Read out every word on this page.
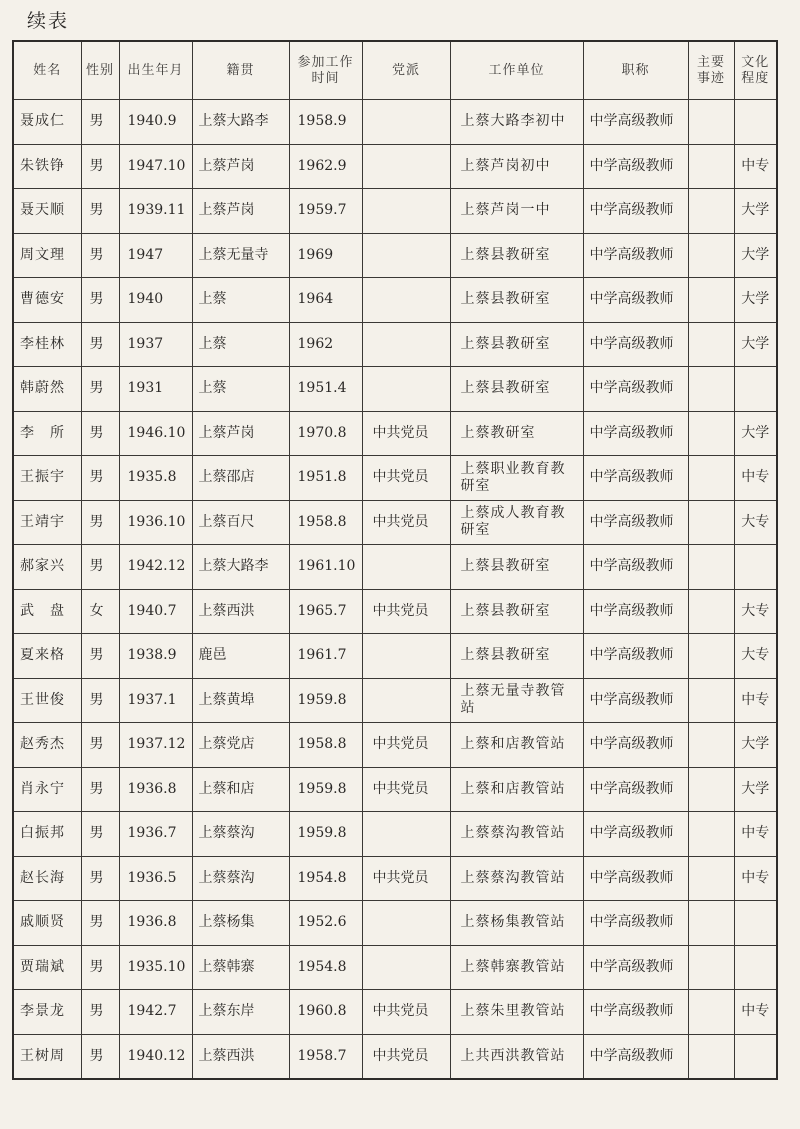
续表
姓名	性别	出生年月	籍贯	参加工作时间	党派	工作单位	职称	主要事迹	文化程度
聂成仁	男	1940.9	上蔡大路李	1958.9		上蔡大路李初中	中学高级教师		
朱铁铮	男	1947.10	上蔡芦岗	1962.9		上蔡芦岗初中	中学高级教师		中专
聂天顺	男	1939.11	上蔡芦岗	1959.7		上蔡芦岗一中	中学高级教师		大学
周文理	男	1947	上蔡无量寺	1969		上蔡县教研室	中学高级教师		大学
曹德安	男	1940	上蔡	1964		上蔡县教研室	中学高级教师		大学
李桂林	男	1937	上蔡	1962		上蔡县教研室	中学高级教师		大学
韩蔚然	男	1931	上蔡	1951.4		上蔡县教研室	中学高级教师		
李　所	男	1946.10	上蔡芦岗	1970.8	中共党员	上蔡教研室	中学高级教师		大学
王振宇	男	1935.8	上蔡邵店	1951.8	中共党员	上蔡职业教育教研室	中学高级教师		中专
王靖宇	男	1936.10	上蔡百尺	1958.8	中共党员	上蔡成人教育教研室	中学高级教师		大专
郝家兴	男	1942.12	上蔡大路李	1961.10		上蔡县教研室	中学高级教师		
武　盘	女	1940.7	上蔡西洪	1965.7	中共党员	上蔡县教研室	中学高级教师		大专
夏来格	男	1938.9	鹿邑	1961.7		上蔡县教研室	中学高级教师		大专
王世俊	男	1937.1	上蔡黄埠	1959.8		上蔡无量寺教管站	中学高级教师		中专
赵秀杰	男	1937.12	上蔡党店	1958.8	中共党员	上蔡和店教管站	中学高级教师		大学
肖永宁	男	1936.8	上蔡和店	1959.8	中共党员	上蔡和店教管站	中学高级教师		大学
白振邦	男	1936.7	上蔡蔡沟	1959.8		上蔡蔡沟教管站	中学高级教师		中专
赵长海	男	1936.5	上蔡蔡沟	1954.8	中共党员	上蔡蔡沟教管站	中学高级教师		中专
戚顺贤	男	1936.8	上蔡杨集	1952.6		上蔡杨集教管站	中学高级教师		
贾瑞斌	男	1935.10	上蔡韩寨	1954.8		上蔡韩寨教管站	中学高级教师		
李景龙	男	1942.7	上蔡东岸	1960.8	中共党员	上蔡朱里教管站	中学高级教师		中专
王树周	男	1940.12	上蔡西洪	1958.7	中共党员	上共西洪教管站	中学高级教师		
